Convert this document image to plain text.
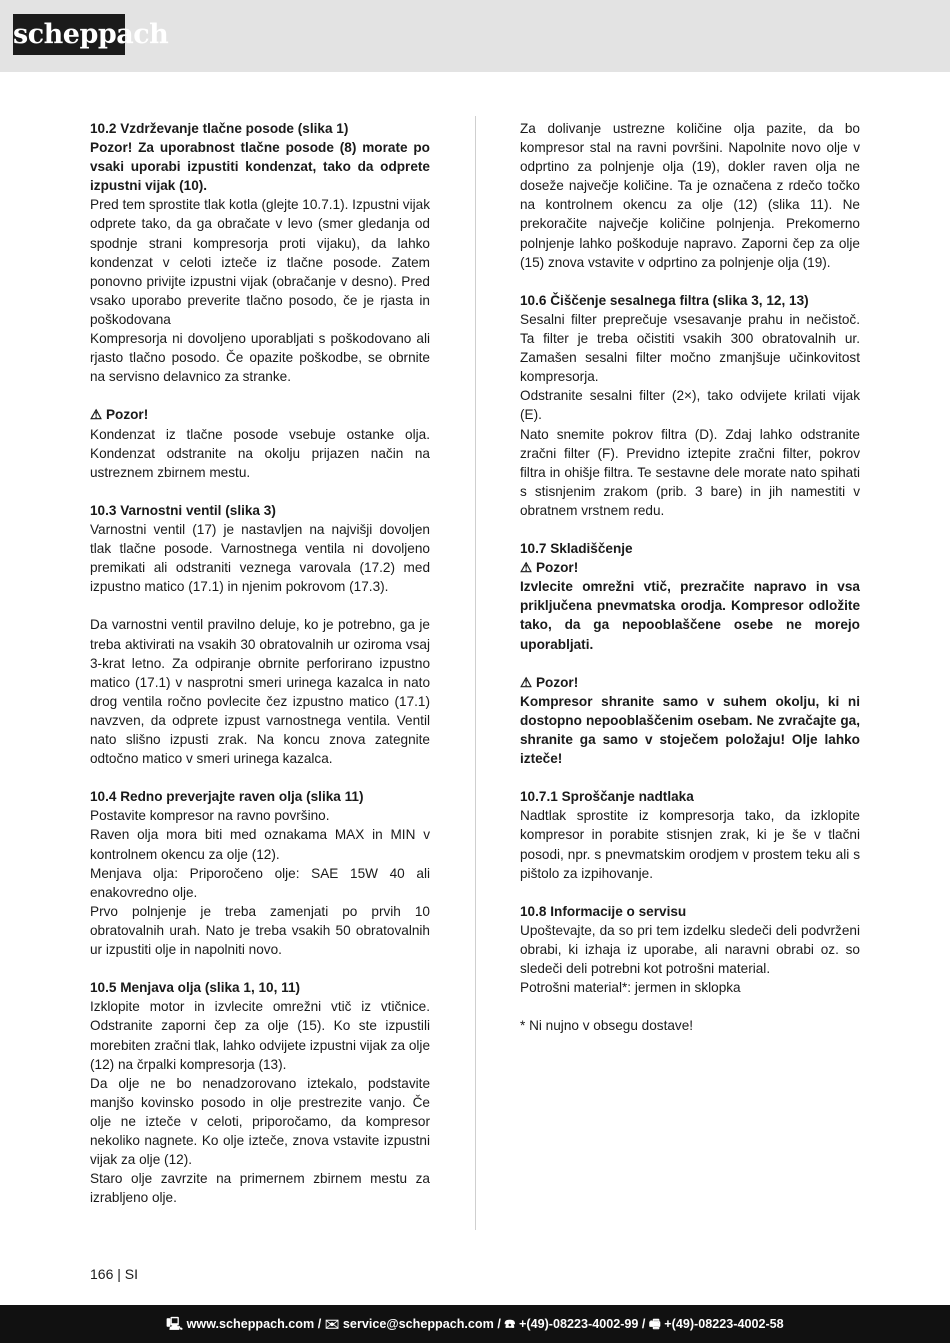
scheppach

10.2 Vzdrževanje tlačne posode (slika 1)

Pozor! Za uporabnost tlačne posode (8) morate po vsaki uporabi izpustiti kondenzat, tako da odprete izpustni vijak (10).

Pred tem sprostite tlak kotla (glejte 10.7.1). Izpustni vijak odprete tako, da ga obračate v levo (smer gledanja od spodnje strani kompresorja proti vijaku), da lahko kondenzat v celoti izteče iz tlačne posode. Zatem ponovno privijte izpustni vijak (obračanje v desno). Pred vsako uporabo preverite tlačno posodo, če je rjasta in poškodovana

Kompresorja ni dovoljeno uporabljati s poškodovano ali rjasto tlačno posodo. Če opazite poškodbe, se obrnite na servisno delavnico za stranke.

⚠ Pozor!

Kondenzat iz tlačne posode vsebuje ostanke olja. Kondenzat odstranite na okolju prijazen način na ustreznem zbirnem mestu.

10.3 Varnostni ventil (slika 3)

Varnostni ventil (17) je nastavljen na najvišji dovoljen tlak tlačne posode. Varnostnega ventila ni dovoljeno premikati ali odstraniti veznega varovala (17.2) med izpustno matico (17.1) in njenim pokrovom (17.3).

Da varnostni ventil pravilno deluje, ko je potrebno, ga je treba aktivirati na vsakih 30 obratovalnih ur oziroma vsaj 3-krat letno. Za odpiranje obrnite perforirano izpustno matico (17.1) v nasprotni smeri urinega kazalca in nato drog ventila ročno povlecite čez izpustno matico (17.1) navzven, da odprete izpust varnostnega ventila. Ventil nato slišno izpusti zrak. Na koncu znova zategnite odtočno matico v smeri urinega kazalca.

10.4 Redno preverjajte raven olja (slika 11)

Postavite kompresor na ravno površino.

Raven olja mora biti med oznakama MAX in MIN v kontrolnem okencu za olje (12).

Menjava olja: Priporočeno olje: SAE 15W 40 ali enakovredno olje.

Prvo polnjenje je treba zamenjati po prvih 10 obratovalnih urah. Nato je treba vsakih 50 obratovalnih ur izpustiti olje in napolniti novo.

10.5 Menjava olja (slika 1, 10, 11)

Izklopite motor in izvlecite omrežni vtič iz vtičnice. Odstranite zaporni čep za olje (15). Ko ste izpustili morebiten zračni tlak, lahko odvijete izpustni vijak za olje (12) na črpalki kompresorja (13).

Da olje ne bo nenadzorovano iztekalo, podstavite manjšo kovinsko posodo in olje prestrezite vanjo. Če olje ne izteče v celoti, priporočamo, da kompresor nekoliko nagnete. Ko olje izteče, znova vstavite izpustni vijak za olje (12).

Staro olje zavrzite na primernem zbirnem mestu za izrabljeno olje.

Za dolivanje ustrezne količine olja pazite, da bo kompresor stal na ravni površini. Napolnite novo olje v odprtino za polnjenje olja (19), dokler raven olja ne doseže največje količine. Ta je označena z rdečo točko na kontrolnem okencu za olje (12) (slika 11). Ne prekoračite največje količine polnjenja. Prekomerno polnjenje lahko poškoduje napravo. Zaporni čep za olje (15) znova vstavite v odprtino za polnjenje olja (19).

10.6 Čiščenje sesalnega filtra (slika 3, 12, 13)

Sesalni filter preprečuje vsesavanje prahu in nečistoč. Ta filter je treba očistiti vsakih 300 obratovalnih ur. Zamašen sesalni filter močno zmanjšuje učinkovitost kompresorja.

Odstranite sesalni filter (2×), tako odvijete krilati vijak (E).

Nato snemite pokrov filtra (D). Zdaj lahko odstranite zračni filter (F). Previdno iztepite zračni filter, pokrov filtra in ohišje filtra. Te sestavne dele morate nato spihati s stisnjenim zrakom (prib. 3 bare) in jih namestiti v obratnem vrstnem redu.

10.7 Skladiščenje

⚠ Pozor!

Izvlecite omrežni vtič, prezračite napravo in vsa priključena pnevmatska orodja. Kompresor odložite tako, da ga nepooblaščene osebe ne morejo uporabljati.

⚠ Pozor!

Kompresor shranite samo v suhem okolju, ki ni dostopno nepooblaščenim osebam. Ne zvračajte ga, shranite ga samo v stoječem položaju! Olje lahko izteče!

10.7.1 Sproščanje nadtlaka

Nadtlak sprostite iz kompresorja tako, da izklopite kompresor in porabite stisnjen zrak, ki je še v tlačni posodi, npr. s pnevmatskim orodjem v prostem teku ali s pištolo za izpihovanje.

10.8 Informacije o servisu

Upoštevajte, da so pri tem izdelku sledeči deli podvrženi obrabi, ki izhaja iz uporabe, ali naravni obrabi oz. so sledeči deli potrebni kot potrošni material.

Potrošni material*: jermen in sklopka

* Ni nujno v obsegu dostave!

166 | SI
🖳 www.scheppach.com / ✉ service@scheppach.com / ☎ +(49)-08223-4002-99 / 🖷 +(49)-08223-4002-58
